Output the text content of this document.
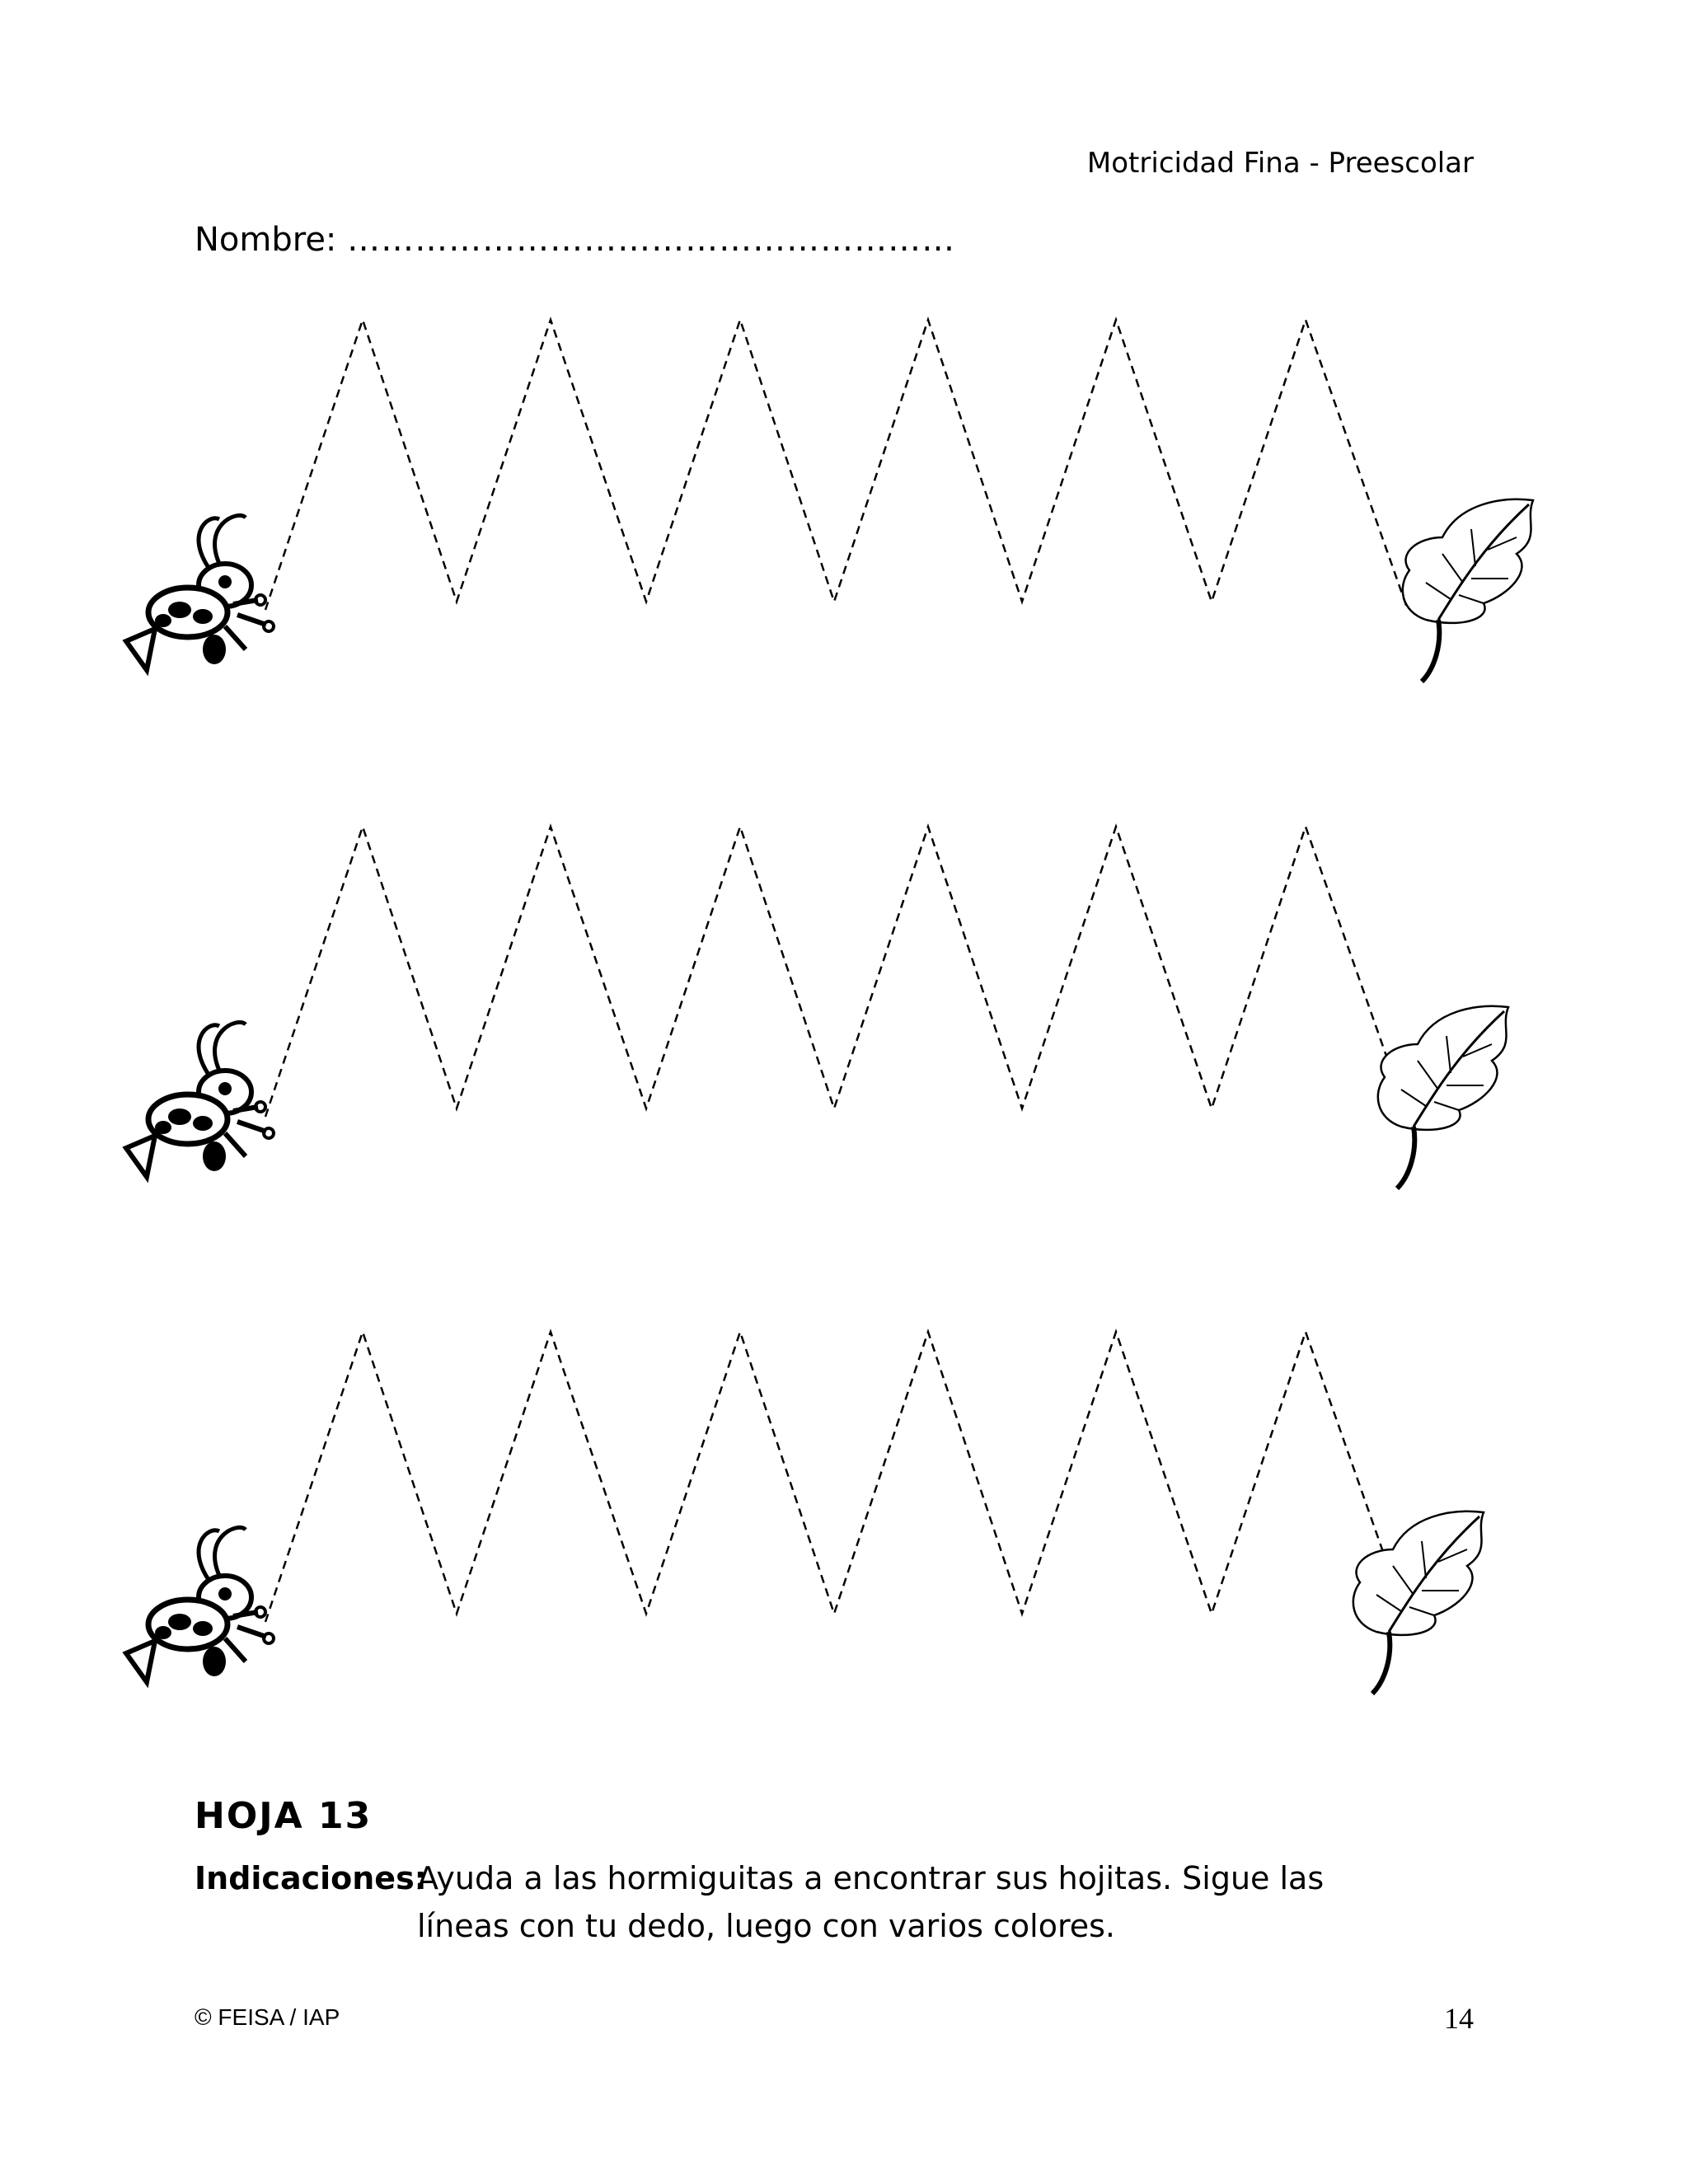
Motricidad Fina - Preescolar
Nombre: ………………………………………………
HOJA 13
Indicaciones:
Ayuda a las hormiguitas a encontrar sus hojitas. Sigue las
líneas con tu dedo, luego con varios colores.
© FEISA / IAP	14
